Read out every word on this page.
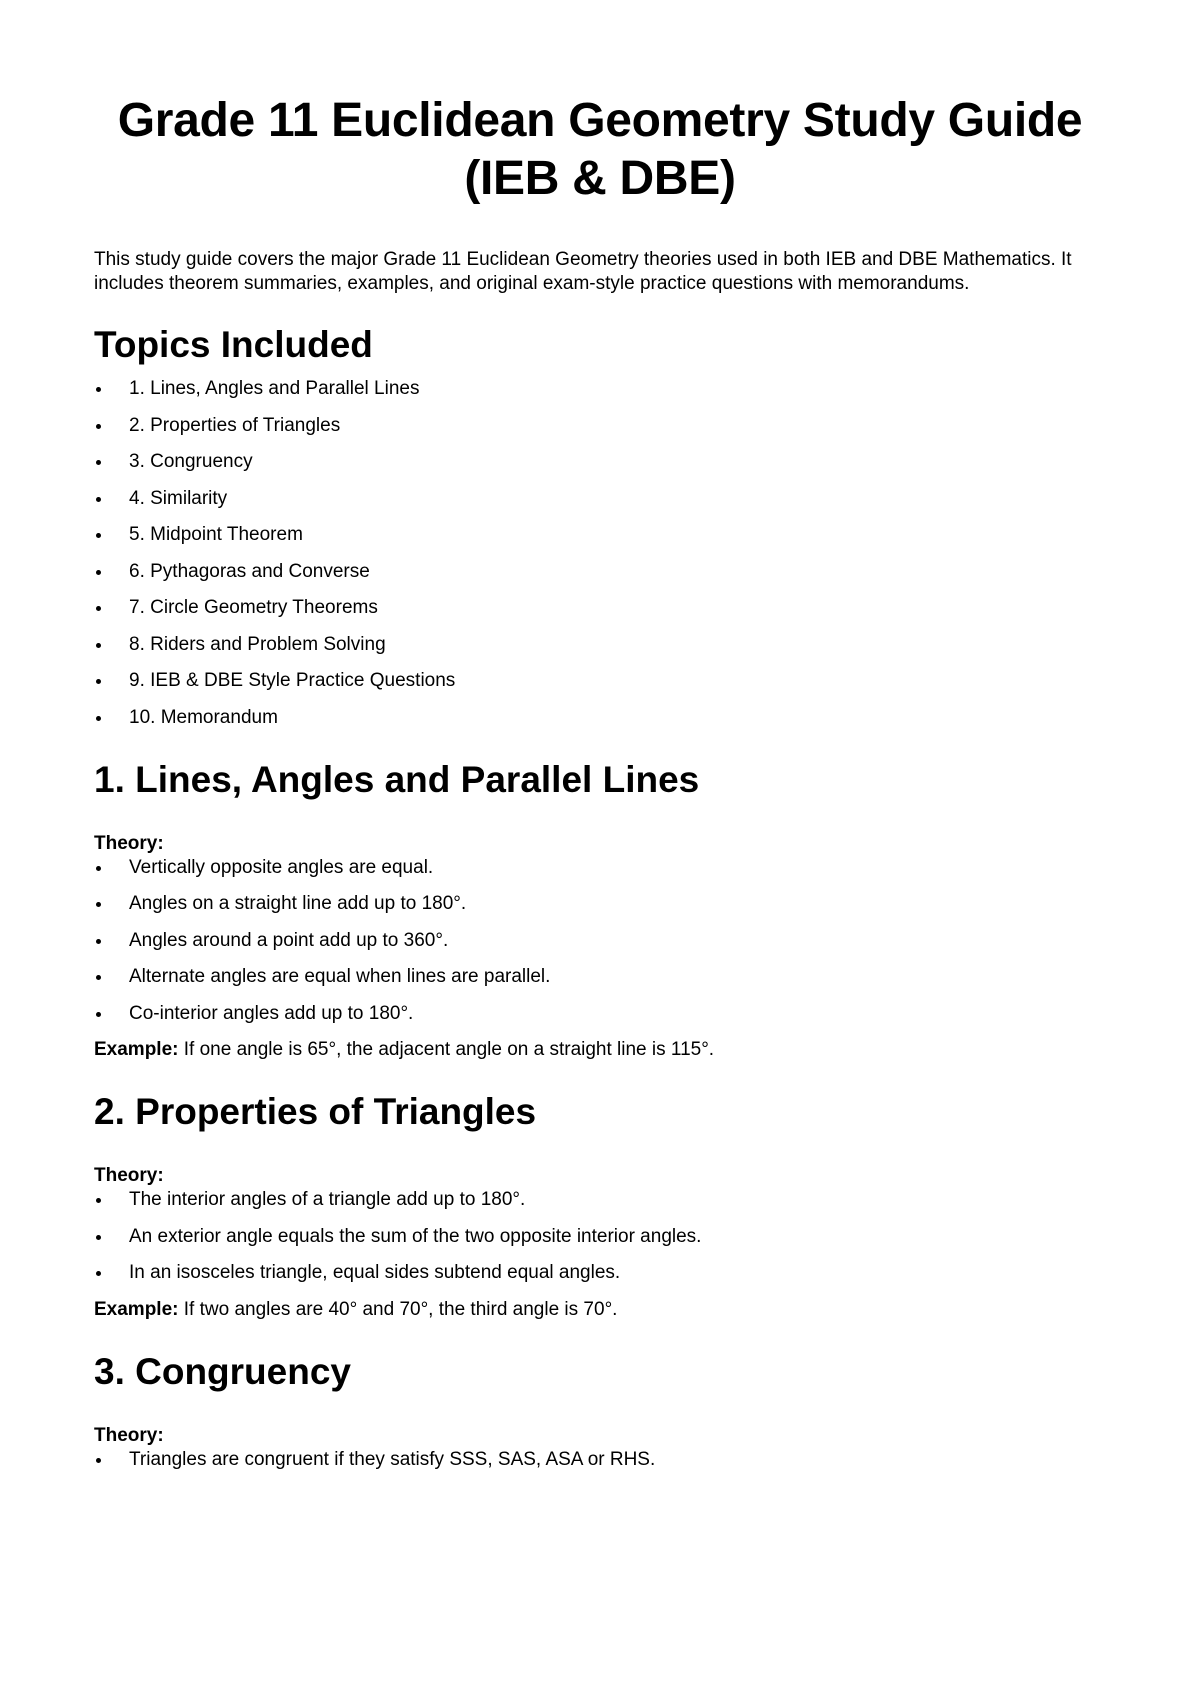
Grade 11 Euclidean Geometry Study Guide (IEB & DBE)

This study guide covers the major Grade 11 Euclidean Geometry theories used in both IEB and DBE Mathematics. It includes theorem summaries, examples, and original exam-style practice questions with memorandums.

Topics Included
1. Lines, Angles and Parallel Lines
2. Properties of Triangles
3. Congruency
4. Similarity
5. Midpoint Theorem
6. Pythagoras and Converse
7. Circle Geometry Theorems
8. Riders and Problem Solving
9. IEB & DBE Style Practice Questions
10. Memorandum
1. Lines, Angles and Parallel Lines

Theory:

Vertically opposite angles are equal.
Angles on a straight line add up to 180°.
Angles around a point add up to 360°.
Alternate angles are equal when lines are parallel.
Co-interior angles add up to 180°.

Example: If one angle is 65°, the adjacent angle on a straight line is 115°.

2. Properties of Triangles

Theory:

The interior angles of a triangle add up to 180°.
An exterior angle equals the sum of the two opposite interior angles.
In an isosceles triangle, equal sides subtend equal angles.

Example: If two angles are 40° and 70°, the third angle is 70°.

3. Congruency

Theory:

Triangles are congruent if they satisfy SSS, SAS, ASA or RHS.
